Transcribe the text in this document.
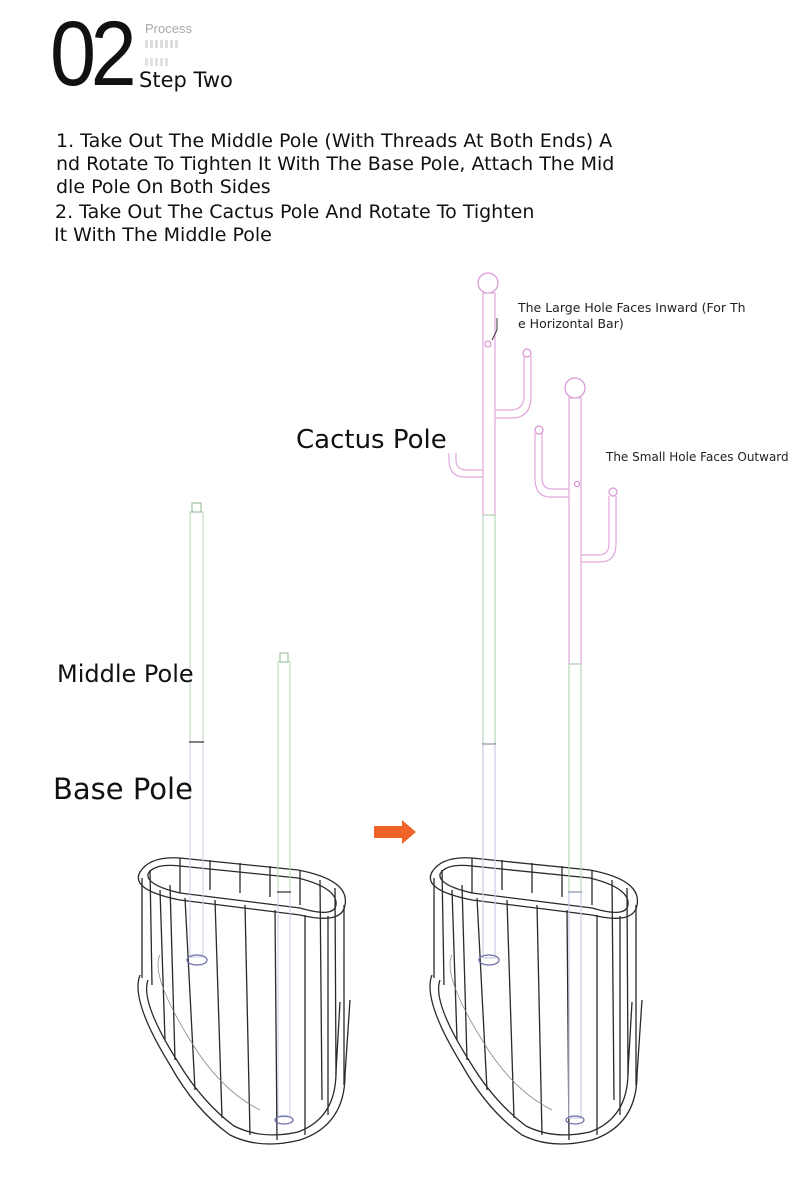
02 Process
Step Two
1. Take Out The Middle Pole (With Threads At Both Ends) A
nd Rotate To Tighten It With The Base Pole, Attach The Mid
dle Pole On Both Sides
2. Take Out The Cactus Pole And Rotate To Tighten
It With The Middle Pole
Cactus Pole
Middle Pole
Base Pole
The Large Hole Faces Inward (For Th
e Horizontal Bar)
The Small Hole Faces Outward
